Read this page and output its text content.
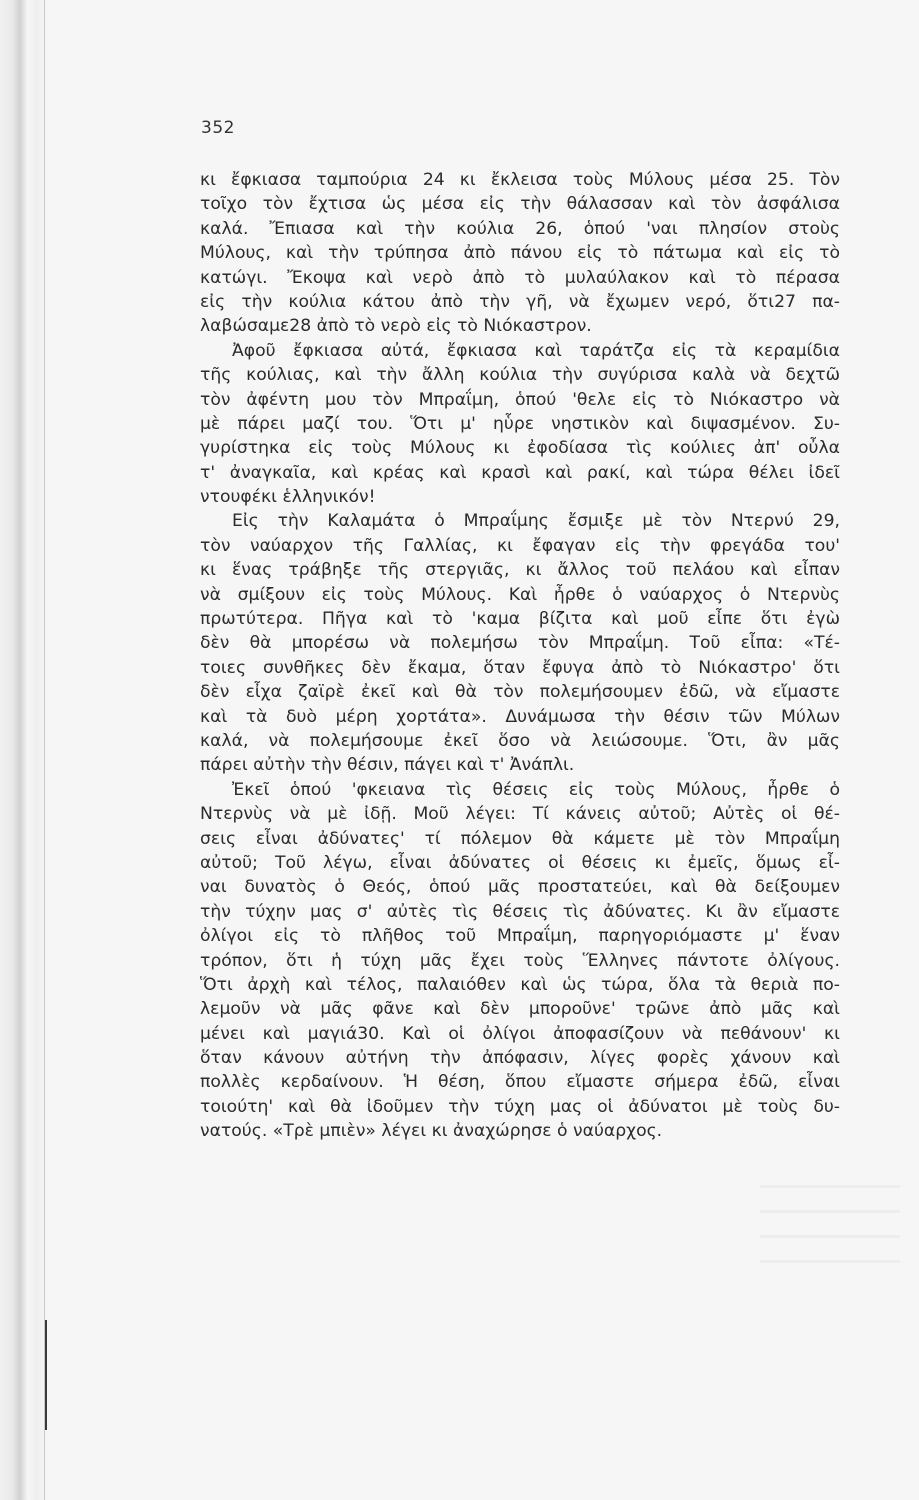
352
κι ἔφκιασα ταμπούρια 24 κι ἔκλεισα τοὺς Μύλους μέσα 25. Τὸν
τοῖχο τὸν ἔχτισα ὡς μέσα εἰς τὴν θάλασσαν καὶ τὸν ἀσφάλισα
καλά. Ἔπιασα καὶ τὴν κούλια 26, ὁπού 'ναι πλησίον στοὺς
Μύλους, καὶ τὴν τρύπησα ἀπὸ πάνου εἰς τὸ πάτωμα καὶ εἰς τὸ
κατώγι. Ἔκοψα καὶ νερὸ ἀπὸ τὸ μυλαύλακον καὶ τὸ πέρασα
εἰς τὴν κούλια κάτου ἀπὸ τὴν γῆ, νὰ ἔχωμεν νερό, ὅτι27 πα-
λαβώσαμε28 ἀπὸ τὸ νερὸ εἰς τὸ Νιόκαστρον.
Ἀφοῦ ἔφκιασα αὐτά, ἔφκιασα καὶ ταράτζα εἰς τὰ κεραμίδια
τῆς κούλιας, καὶ τὴν ἄλλη κούλια τὴν συγύρισα καλὰ νὰ δεχτῶ
τὸν ἀφέντη μου τὸν Μπραΐμη, ὁπού 'θελε εἰς τὸ Νιόκαστρο νὰ
μὲ πάρει μαζί του. Ὅτι μ' ηὗρε νηστικὸν καὶ διψασμένον. Συ-
γυρίστηκα εἰς τοὺς Μύλους κι ἐφοδίασα τὶς κούλιες ἀπ' οὖλα
τ' ἀναγκαῖα, καὶ κρέας καὶ κρασὶ καὶ ρακί, καὶ τώρα θέλει ἰδεῖ
ντουφέκι ἑλληνικόν!
Εἰς τὴν Καλαμάτα ὁ Μπραΐμης ἔσμιξε μὲ τὸν Ντερνύ 29,
τὸν ναύαρχον τῆς Γαλλίας, κι ἔφαγαν εἰς τὴν φρεγάδα του'
κι ἕνας τράβηξε τῆς στεργιᾶς, κι ἄλλος τοῦ πελάου καὶ εἶπαν
νὰ σμίξουν εἰς τοὺς Μύλους. Καὶ ἦρθε ὁ ναύαρχος ὁ Ντερνὺς
πρωτύτερα. Πῆγα καὶ τὸ 'καμα βίζιτα καὶ μοῦ εἶπε ὅτι ἐγὼ
δὲν θὰ μπορέσω νὰ πολεμήσω τὸν Μπραΐμη. Τοῦ εἶπα: «Τέ-
τοιες συνθῆκες δὲν ἔκαμα, ὅταν ἔφυγα ἀπὸ τὸ Νιόκαστρο' ὅτι
δὲν εἶχα ζαϊρὲ ἐκεῖ καὶ θὰ τὸν πολεμήσουμεν ἐδῶ, νὰ εἴμαστε
καὶ τὰ δυὸ μέρη χορτάτα». Δυνάμωσα τὴν θέσιν τῶν Μύλων
καλά, νὰ πολεμήσουμε ἐκεῖ ὅσο νὰ λειώσουμε. Ὅτι, ἂν μᾶς
πάρει αὐτὴν τὴν θέσιν, πάγει καὶ τ' Ἀνάπλι.
Ἐκεῖ ὁπού 'φκειανα τὶς θέσεις εἰς τοὺς Μύλους, ἦρθε ὁ
Ντερνὺς νὰ μὲ ἰδῇ. Μοῦ λέγει: Τί κάνεις αὐτοῦ; Αὐτὲς οἱ θέ-
σεις εἶναι ἀδύνατες' τί πόλεμον θὰ κάμετε μὲ τὸν Μπραΐμη
αὐτοῦ; Τοῦ λέγω, εἶναι ἀδύνατες οἱ θέσεις κι ἐμεῖς, ὅμως εἶ-
ναι δυνατὸς ὁ Θεός, ὁπού μᾶς προστατεύει, καὶ θὰ δείξουμεν
τὴν τύχην μας σ' αὐτὲς τὶς θέσεις τὶς ἀδύνατες. Κι ἂν εἴμαστε
ὀλίγοι εἰς τὸ πλῆθος τοῦ Μπραΐμη, παρηγοριόμαστε μ' ἕναν
τρόπον, ὅτι ἡ τύχη μᾶς ἔχει τοὺς Ἕλληνες πάντοτε ὀλίγους.
Ὅτι ἀρχὴ καὶ τέλος, παλαιόθεν καὶ ὡς τώρα, ὅλα τὰ θεριὰ πο-
λεμοῦν νὰ μᾶς φᾶνε καὶ δὲν μποροῦνε' τρῶνε ἀπὸ μᾶς καὶ
μένει καὶ μαγιά30. Καὶ οἱ ὀλίγοι ἀποφασίζουν νὰ πεθάνουν' κι
ὅταν κάνουν αὐτήνη τὴν ἀπόφασιν, λίγες φορὲς χάνουν καὶ
πολλὲς κερδαίνουν. Ἡ θέση, ὅπου εἴμαστε σήμερα ἐδῶ, εἶναι
τοιούτη' καὶ θὰ ἰδοῦμεν τὴν τύχη μας οἱ ἀδύνατοι μὲ τοὺς δυ-
νατούς. «Τρὲ μπιὲν» λέγει κι ἀναχώρησε ὁ ναύαρχος.
